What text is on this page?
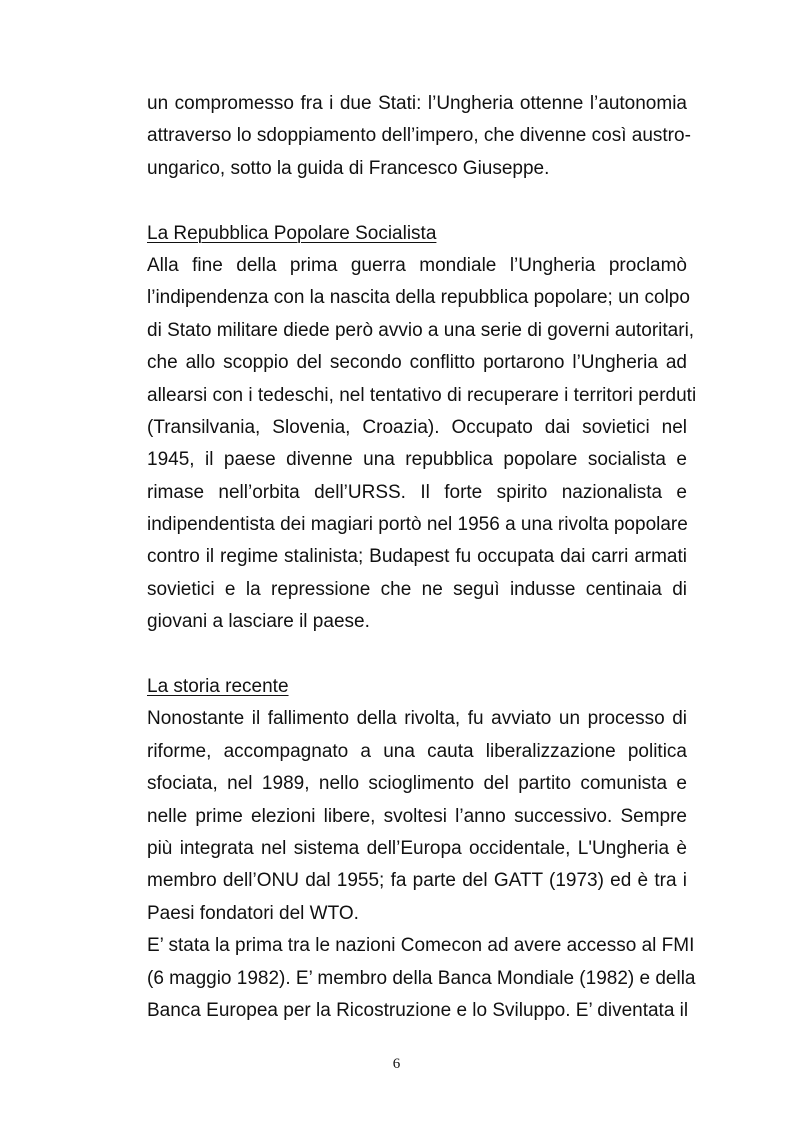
un compromesso fra i due Stati: l’Ungheria ottenne l’autonomia
attraverso lo sdoppiamento dell’impero, che divenne così austro-
ungarico, sotto la guida di Francesco Giuseppe.
La Repubblica Popolare Socialista
Alla fine della prima guerra mondiale l’Ungheria proclamò
l’indipendenza con la nascita della repubblica popolare; un colpo
di Stato militare diede però avvio a una serie di governi autoritari,
che allo scoppio del secondo conflitto portarono l’Ungheria ad
allearsi con i tedeschi, nel tentativo di recuperare i territori perduti
(Transilvania, Slovenia, Croazia). Occupato dai sovietici nel
1945, il paese divenne una repubblica popolare socialista e
rimase nell’orbita dell’URSS. Il forte spirito nazionalista e
indipendentista dei magiari portò nel 1956 a una rivolta popolare
contro il regime stalinista; Budapest fu occupata dai carri armati
sovietici e la repressione che ne seguì indusse centinaia di
giovani a lasciare il paese.
La storia recente
Nonostante il fallimento della rivolta, fu avviato un processo di
riforme, accompagnato a una cauta liberalizzazione politica
sfociata, nel 1989, nello scioglimento del partito comunista e
nelle prime elezioni libere, svoltesi l’anno successivo. Sempre
più integrata nel sistema dell’Europa occidentale, L'Ungheria è
membro dell’ONU dal 1955; fa parte del GATT (1973) ed è tra i
Paesi fondatori del WTO.
E’ stata la prima tra le nazioni Comecon ad avere accesso al FMI
(6 maggio 1982). E’ membro della Banca Mondiale (1982) e della
Banca Europea per la Ricostruzione e lo Sviluppo. E’ diventata il
6
